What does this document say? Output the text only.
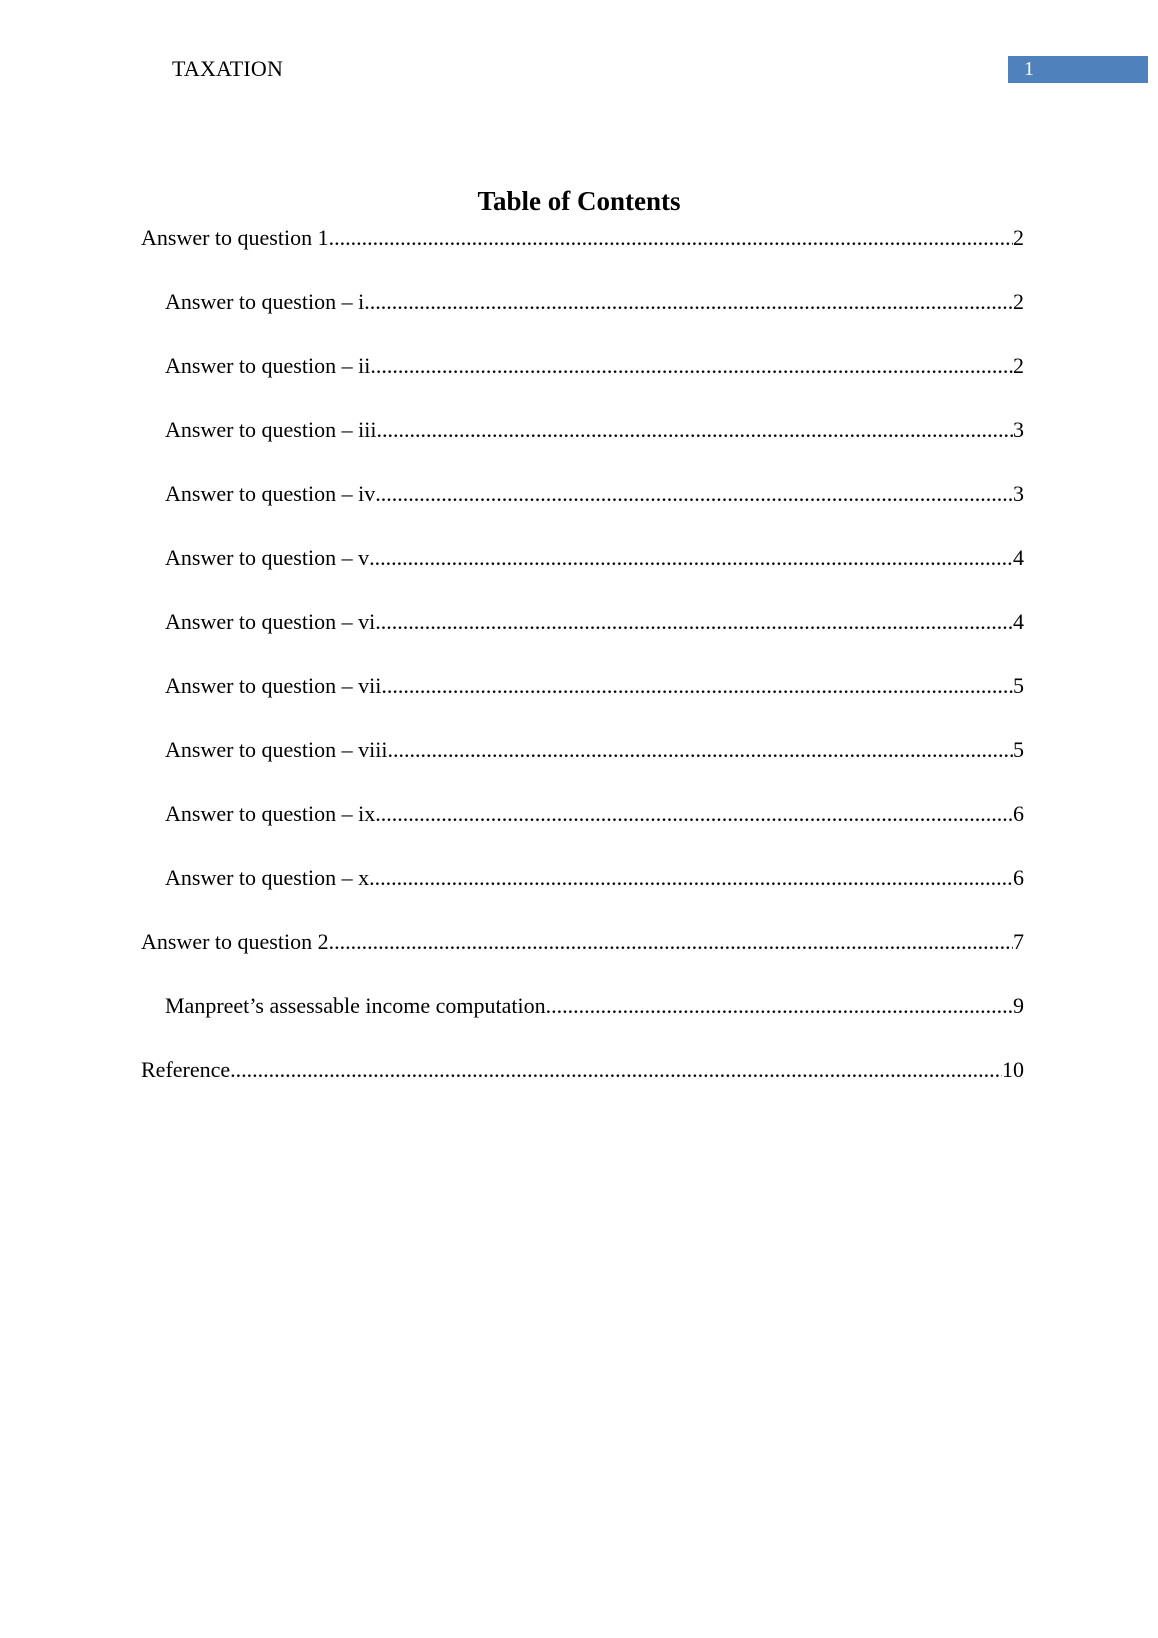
TAXATION	1
Table of Contents
Answer to question 1 .....	2
Answer to question – i .....	2
Answer to question – ii .....	2
Answer to question – iii .....	3
Answer to question – iv .....	3
Answer to question – v .....	4
Answer to question – vi .....	4
Answer to question – vii .....	5
Answer to question – viii .....	5
Answer to question – ix .....	6
Answer to question – x .....	6
Answer to question 2 .....	7
Manpreet’s assessable income computation .....	9
Reference .....	10
